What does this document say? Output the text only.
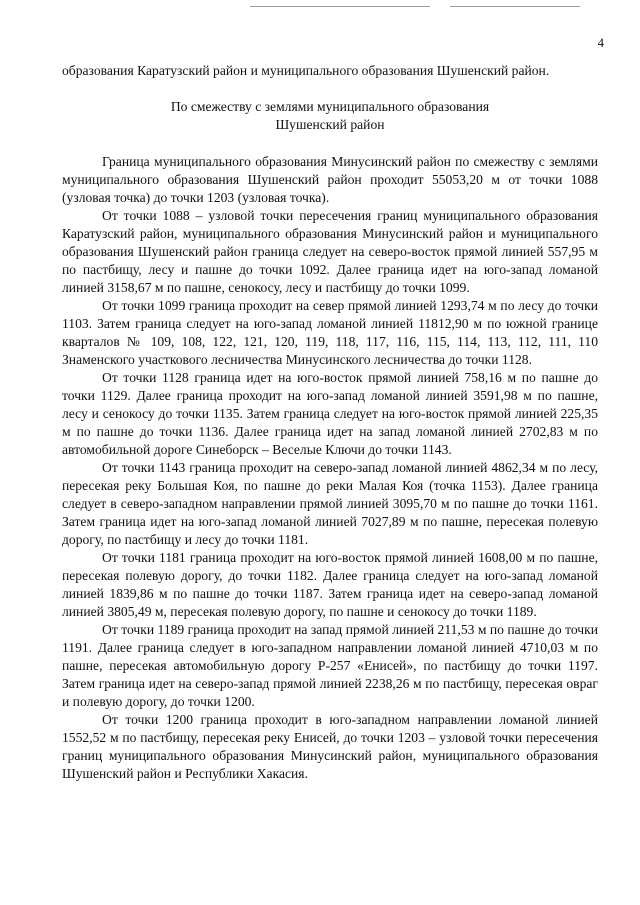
4
образования Каратузский район и муниципального образования Шушенский район.
По смежеству с землями муниципального образования
Шушенский район

Граница муниципального образования Минусинский район по смежеству с землями муниципального образования Шушенский район проходит 55053,20 м от точки 1088 (узловая точка) до точки 1203 (узловая точка).

От точки 1088 – узловой точки пересечения границ муниципального образования Каратузский район, муниципального образования Минусинский район и муниципального образования Шушенский район граница следует на северо-восток прямой линией 557,95 м по пастбищу, лесу и пашне до точки 1092. Далее граница идет на юго-запад ломаной линией 3158,67 м по пашне, сенокосу, лесу и пастбищу до точки 1099.

От точки 1099 граница проходит на север прямой линией 1293,74 м по лесу до точки 1103. Затем граница следует на юго-запад ломаной линией 11812,90 м по южной границе кварталов № 109, 108, 122, 121, 120, 119, 118, 117, 116, 115, 114, 113, 112, 111, 110 Знаменского участкового лесничества Минусинского лесничества до точки 1128.

От точки 1128 граница идет на юго-восток прямой линией 758,16 м по пашне до точки 1129. Далее граница проходит на юго-запад ломаной линией 3591,98 м по пашне, лесу и сенокосу до точки 1135. Затем граница следует на юго-восток прямой линией 225,35 м по пашне до точки 1136. Далее граница идет на запад ломаной линией 2702,83 м по автомобильной дороге Синеборск – Веселые Ключи до точки 1143.

От точки 1143 граница проходит на северо-запад ломаной линией 4862,34 м по лесу, пересекая реку Большая Коя, по пашне до реки Малая Коя (точка 1153). Далее граница следует в северо-западном направлении прямой линией 3095,70 м по пашне до точки 1161. Затем граница идет на юго-запад ломаной линией 7027,89 м по пашне, пересекая полевую дорогу, по пастбищу и лесу до точки 1181.

От точки 1181 граница проходит на юго-восток прямой линией 1608,00 м по пашне, пересекая полевую дорогу, до точки 1182. Далее граница следует на юго-запад ломаной линией 1839,86 м по пашне до точки 1187. Затем граница идет на северо-запад ломаной линией 3805,49 м, пересекая полевую дорогу, по пашне и сенокосу до точки 1189.

От точки 1189 граница проходит на запад прямой линией 211,53 м по пашне до точки 1191. Далее граница следует в юго-западном направлении ломаной линией 4710,03 м по пашне, пересекая автомобильную дорогу Р-257 «Енисей», по пастбищу до точки 1197. Затем граница идет на северо-запад прямой линией 2238,26 м по пастбищу, пересекая овраг и полевую дорогу, до точки 1200.

От точки 1200 граница проходит в юго-западном направлении ломаной линией 1552,52 м по пастбищу, пересекая реку Енисей, до точки 1203 – узловой точки пересечения границ муниципального образования Минусинский район, муниципального образования Шушенский район и Республики Хакасия.
